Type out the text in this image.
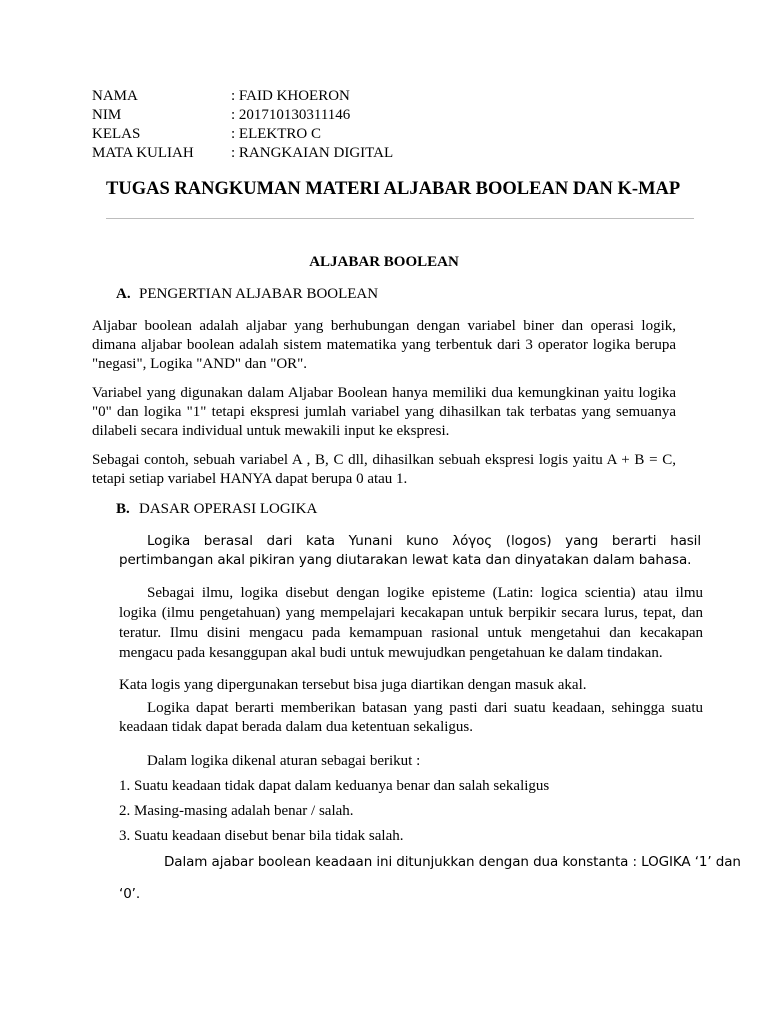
NAMA	: FAID KHOERON
NIM	: 201710130311146
KELAS	: ELEKTRO C
MATA KULIAH : RANGKAIAN DIGITAL
TUGAS RANGKUMAN MATERI ALJABAR BOOLEAN DAN K-MAP
ALJABAR BOOLEAN
A. PENGERTIAN ALJABAR BOOLEAN

Aljabar boolean adalah aljabar yang berhubungan dengan variabel biner dan operasi logik, dimana aljabar boolean adalah sistem matematika yang terbentuk dari 3 operator logika berupa "negasi", Logika "AND" dan "OR".

Variabel yang digunakan dalam Aljabar Boolean hanya memiliki dua kemungkinan yaitu logika "0" dan logika "1" tetapi ekspresi jumlah variabel yang dihasilkan tak terbatas yang semuanya dilabeli secara individual untuk mewakili input ke ekspresi.

Sebagai contoh, sebuah variabel A , B, C dll, dihasilkan sebuah ekspresi logis yaitu A + B = C, tetapi setiap variabel HANYA dapat berupa 0 atau 1.

B. DASAR OPERASI LOGIKA

Logika berasal dari kata Yunani kuno λόγος (logos) yang berarti hasil pertimbangan akal pikiran yang diutarakan lewat kata dan dinyatakan dalam bahasa.

Sebagai ilmu, logika disebut dengan logike episteme (Latin: logica scientia) atau ilmu logika (ilmu pengetahuan) yang mempelajari kecakapan untuk berpikir secara lurus, tepat, dan teratur. Ilmu disini mengacu pada kemampuan rasional untuk mengetahui dan kecakapan mengacu pada kesanggupan akal budi untuk mewujudkan pengetahuan ke dalam tindakan.

Kata logis yang dipergunakan tersebut bisa juga diartikan dengan masuk akal.

Logika dapat berarti memberikan batasan yang pasti dari suatu keadaan, sehingga suatu keadaan tidak dapat berada dalam dua ketentuan sekaligus.

Dalam logika dikenal aturan sebagai berikut :

1. Suatu keadaan tidak dapat dalam keduanya benar dan salah sekaligus
2. Masing-masing adalah benar / salah.
3. Suatu keadaan disebut benar bila tidak salah.
Dalam ajabar boolean keadaan ini ditunjukkan dengan dua konstanta : LOGIKA ‘1’ dan
‘0’.
